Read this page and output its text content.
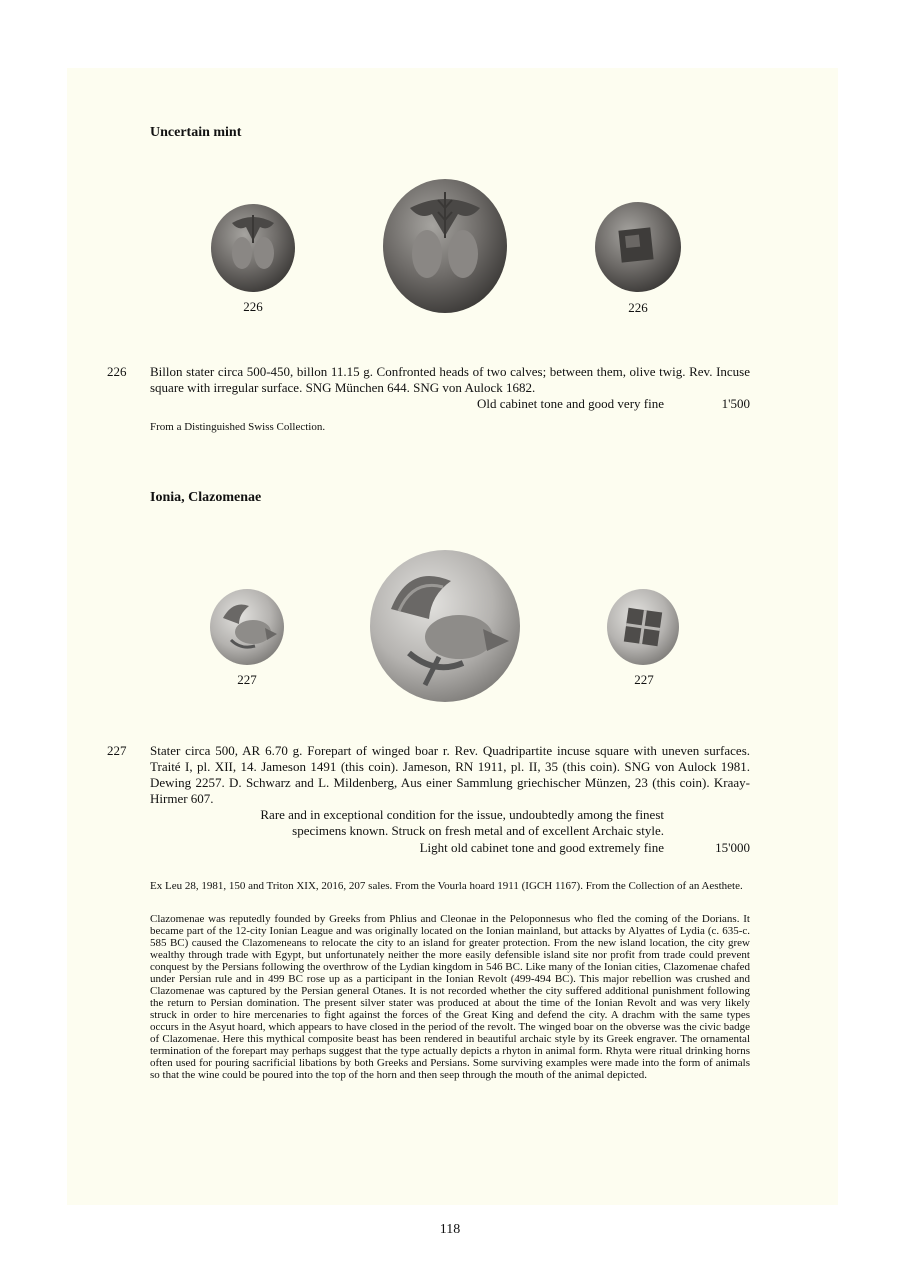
Uncertain mint
226	226
226 Billon stater circa 500-450, billon 11.15 g. Confronted heads of two calves; between them, olive twig. Rev. Incuse square with irregular surface. SNG München 644. SNG von Aulock 1682.
Old cabinet tone and good very fine	1'500
From a Distinguished Swiss Collection.
Ionia, Clazomenae
227	227
227 Stater circa 500, AR 6.70 g. Forepart of winged boar r. Rev. Quadripartite incuse square with uneven surfaces. Traité I, pl. XII, 14. Jameson 1491 (this coin). Jameson, RN 1911, pl. II, 35 (this coin). SNG von Aulock 1981. Dewing 2257. D. Schwarz and L. Mildenberg, Aus einer Sammlung griechischer Münzen, 23 (this coin). Kraay-Hirmer 607.
Rare and in exceptional condition for the issue, undoubtedly among the finest
specimens known. Struck on fresh metal and of excellent Archaic style.
Light old cabinet tone and good extremely fine	15'000
Ex Leu 28, 1981, 150 and Triton XIX, 2016, 207 sales. From the Vourla hoard 1911 (IGCH 1167). From the Collection of an Aesthete.
Clazomenae was reputedly founded by Greeks from Phlius and Cleonae in the Peloponnesus who fled the coming of the Dorians. It became part of the 12-city Ionian League and was originally located on the Ionian mainland, but attacks by Alyattes of Lydia (c. 635-c. 585 BC) caused the Clazomeneans to relocate the city to an island for greater protection. From the new island location, the city grew wealthy through trade with Egypt, but unfortunately neither the more easily defensible island site nor profit from trade could prevent conquest by the Persians following the overthrow of the Lydian kingdom in 546 BC. Like many of the Ionian cities, Clazomenae chafed under Persian rule and in 499 BC rose up as a participant in the Ionian Revolt (499-494 BC). This major rebellion was crushed and Clazomenae was captured by the Persian general Otanes. It is not recorded whether the city suffered additional punishment following the return to Persian domination. The present silver stater was produced at about the time of the Ionian Revolt and was very likely struck in order to hire mercenaries to fight against the forces of the Great King and defend the city. A drachm with the same types occurs in the Asyut hoard, which appears to have closed in the period of the revolt. The winged boar on the obverse was the civic badge of Clazomenae. Here this mythical composite beast has been rendered in beautiful archaic style by its Greek engraver. The ornamental termination of the forepart may perhaps suggest that the type actually depicts a rhyton in animal form. Rhyta were ritual drinking horns often used for pouring sacrificial libations by both Greeks and Persians. Some surviving examples were made into the form of animals so that the wine could be poured into the top of the horn and then seep through the mouth of the animal depicted.
118
